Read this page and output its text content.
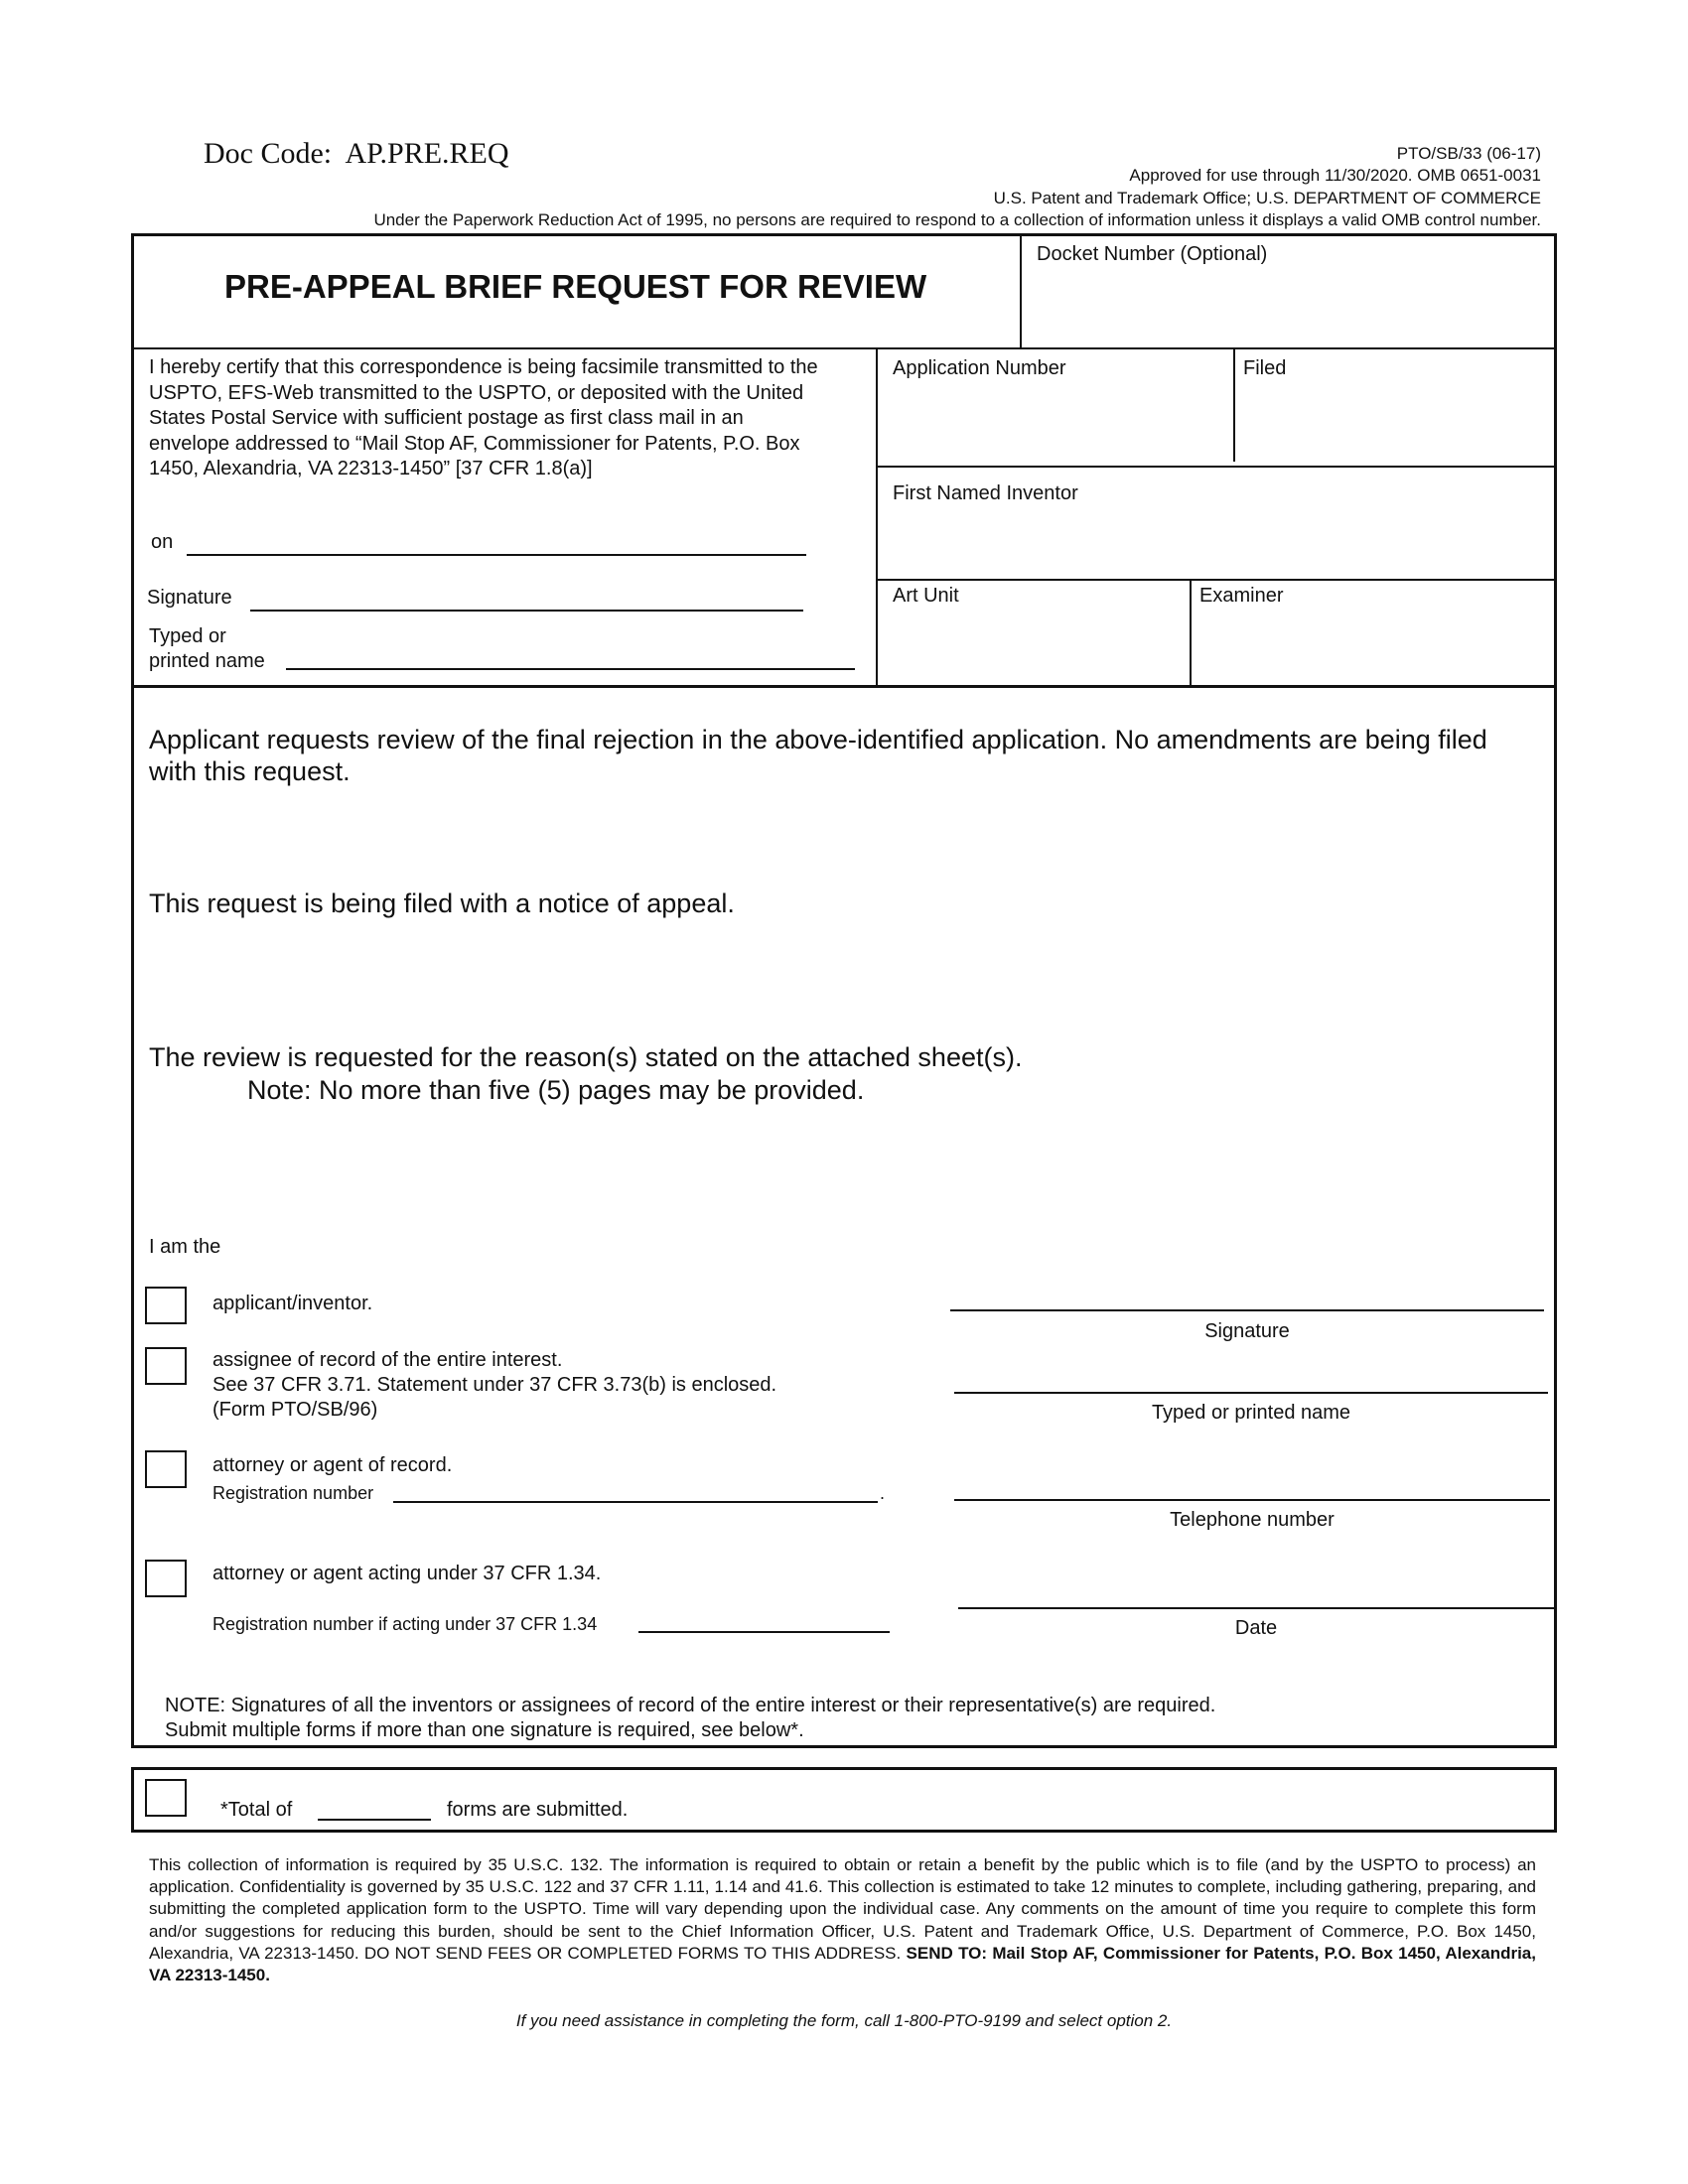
Doc Code: AP.PRE.REQ	PTO/SB/33 (06-17)
Approved for use through 11/30/2020. OMB 0651-0031
U.S. Patent and Trademark Office; U.S. DEPARTMENT OF COMMERCE
Under the Paperwork Reduction Act of 1995, no persons are required to respond to a collection of information unless it displays a valid OMB control number.
PRE-APPEAL BRIEF REQUEST FOR REVIEW
Docket Number (Optional)
Application Number	Filed
First Named Inventor
Art Unit	Examiner
I hereby certify that this correspondence is being facsimile transmitted to the USPTO, EFS-Web transmitted to the USPTO, or deposited with the United States Postal Service with sufficient postage as first class mail in an envelope addressed to “Mail Stop AF, Commissioner for Patents, P.O. Box 1450, Alexandria, VA 22313-1450” [37 CFR 1.8(a)]
on
Signature
Typed or
printed name
Applicant requests review of the final rejection in the above-identified application. No amendments are being filed
with this request.
This request is being filed with a notice of appeal.
The review is requested for the reason(s) stated on the attached sheet(s).
Note: No more than five (5) pages may be provided.
I am the
applicant/inventor.
assignee of record of the entire interest.
See 37 CFR 3.71. Statement under 37 CFR 3.73(b) is enclosed.
(Form PTO/SB/96)
attorney or agent of record.
Registration number	.
attorney or agent acting under 37 CFR 1.34.
Registration number if acting under 37 CFR 1.34
Signature
Typed or printed name
Telephone number
Date
NOTE: Signatures of all the inventors or assignees of record of the entire interest or their representative(s) are required.
Submit multiple forms if more than one signature is required, see below*.
*Total of	forms are submitted.
This collection of information is required by 35 U.S.C. 132. The information is required to obtain or retain a benefit by the public which is to file (and by the USPTO to process) an application. Confidentiality is governed by 35 U.S.C. 122 and 37 CFR 1.11, 1.14 and 41.6. This collection is estimated to take 12 minutes to complete, including gathering, preparing, and submitting the completed application form to the USPTO. Time will vary depending upon the individual case. Any comments on the amount of time you require to complete this form and/or suggestions for reducing this burden, should be sent to the Chief Information Officer, U.S. Patent and Trademark Office, U.S. Department of Commerce, P.O. Box 1450, Alexandria, VA 22313-1450. DO NOT SEND FEES OR COMPLETED FORMS TO THIS ADDRESS. SEND TO: Mail Stop AF, Commissioner for Patents, P.O. Box 1450, Alexandria, VA 22313-1450.
If you need assistance in completing the form, call 1-800-PTO-9199 and select option 2.
